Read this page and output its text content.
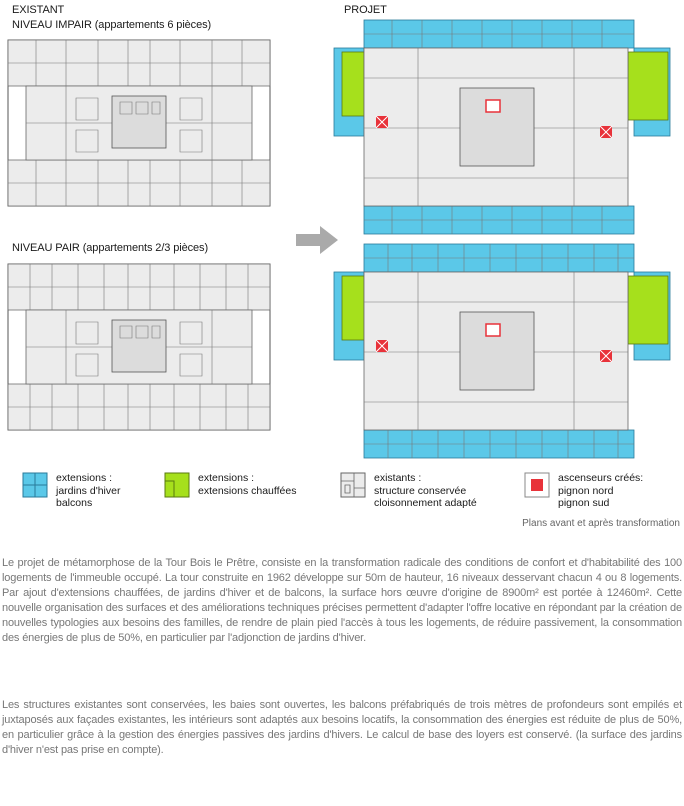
EXISTANT
NIVEAU IMPAIR (appartements 6 pièces)
NIVEAU PAIR (appartements 2/3 pièces)
PROJET
extensions :
jardins d'hiver
balcons
extensions :
extensions chauffées
existants :
structure conservée
cloisonnement adapté
ascenseurs créés:
pignon nord
pignon sud
Plans avant et après transformation
Le projet de métamorphose de la Tour Bois le Prêtre, consiste en la transformation radicale des conditions de confort et d'habitabilité des 100 logements de l'immeuble occupé. La tour construite en 1962 développe sur 50m de hauteur, 16 niveaux desservant chacun 4 ou 8 logements. Par ajout d'extensions chauffées, de jardins d'hiver et de balcons, la surface hors œuvre d'origine de 8900m² est portée à 12460m². Cette nouvelle organisation des surfaces et des améliorations techniques précises permettent d'adapter l'offre locative en répondant par la création de nouvelles typologies aux besoins des familles, de rendre de plain pied l'accès à tous les logements, de réduire passivement, la consommation des énergies de plus de 50%, en particulier par l'adjonction de jardins d'hiver.
Les structures existantes sont conservées, les baies sont ouvertes, les balcons préfabriqués de trois mètres de profondeurs sont empilés et juxtaposés aux façades existantes, les intérieurs sont adaptés aux besoins locatifs, la consommation des énergies est réduite de plus de 50%, en particulier grâce à la gestion des énergies passives des jardins d'hivers. Le calcul de base des loyers est conservé. (la surface des jardins d'hiver n'est pas prise en compte).
